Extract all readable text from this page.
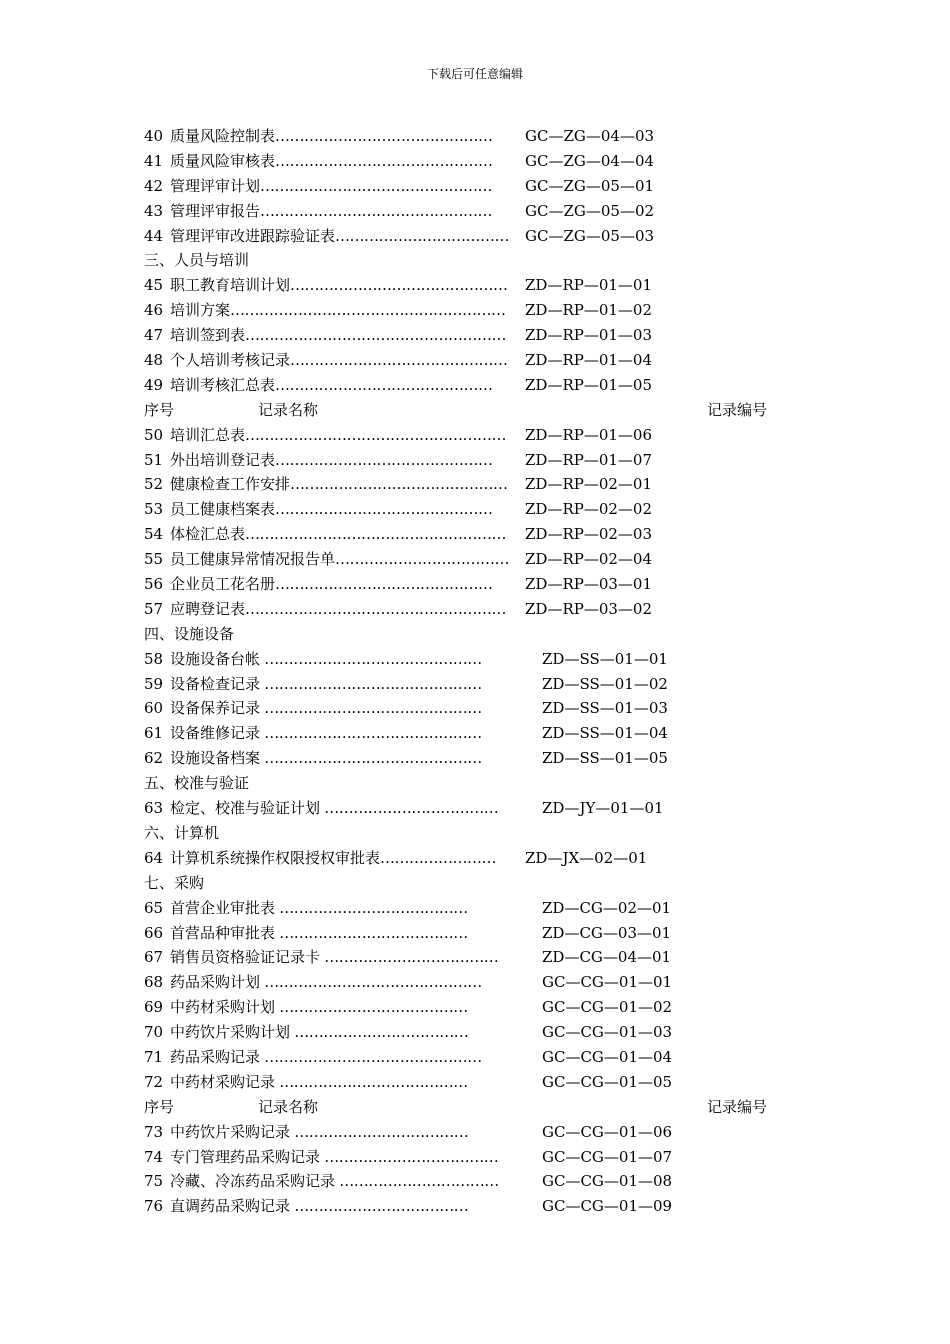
下载后可任意编辑
40 质量风险控制表……………………………………… GC—ZG—04—03
41 质量风险审核表……………………………………… GC—ZG—04—04
42 管理评审计划………………………………………… GC—ZG—05—01
43 管理评审报告………………………………………… GC—ZG—05—02
44 管理评审改进跟踪验证表……………………………… GC—ZG—05—03
三、人员与培训
45 职工教育培训计划……………………………………… ZD—RP—01—01
46 培训方案………………………………………………… ZD—RP—01—02
47 培训签到表……………………………………………… ZD—RP—01—03
48 个人培训考核记录……………………………………… ZD—RP—01—04
49 培训考核汇总表……………………………………… ZD—RP—01—05
序号	记录名称	记录编号
50 培训汇总表……………………………………………… ZD—RP—01—06
51 外出培训登记表……………………………………… ZD—RP—01—07
52 健康检查工作安排……………………………………… ZD—RP—02—01
53 员工健康档案表……………………………………… ZD—RP—02—02
54 体检汇总表……………………………………………… ZD—RP—02—03
55 员工健康异常情况报告单……………………………… ZD—RP—02—04
56 企业员工花名册……………………………………… ZD—RP—03—01
57 应聘登记表……………………………………………… ZD—RP—03—02
四、设施设备
58 设施设备台帐 ………………………………………	ZD—SS—01—01
59 设备检查记录 ………………………………………	ZD—SS—01—02
60 设备保养记录 ………………………………………	ZD—SS—01—03
61 设备维修记录 ………………………………………	ZD—SS—01—04
62 设施设备档案 ………………………………………	ZD—SS—01—05
五、校准与验证
63 检定、校准与验证计划 ………………………………	ZD—JY—01—01
六、计算机
64 计算机系统操作权限授权审批表…………………… ZD—JX—02—01
七、采购
65 首营企业审批表 …………………………………	ZD—CG—02—01
66 首营品种审批表 …………………………………	ZD—CG—03—01
67 销售员资格验证记录卡 ………………………………	ZD—CG—04—01
68 药品采购计划 ………………………………………	GC—CG—01—01
69 中药材采购计划 …………………………………	GC—CG—01—02
70 中药饮片采购计划 ………………………………	GC—CG—01—03
71 药品采购记录 ………………………………………	GC—CG—01—04
72 中药材采购记录 …………………………………	GC—CG—01—05
序号	记录名称	记录编号
73 中药饮片采购记录 ………………………………	GC—CG—01—06
74 专门管理药品采购记录 ………………………………	GC—CG—01—07
75 冷藏、冷冻药品采购记录 ……………………………	GC—CG—01—08
76 直调药品采购记录 ………………………………	GC—CG—01—09
